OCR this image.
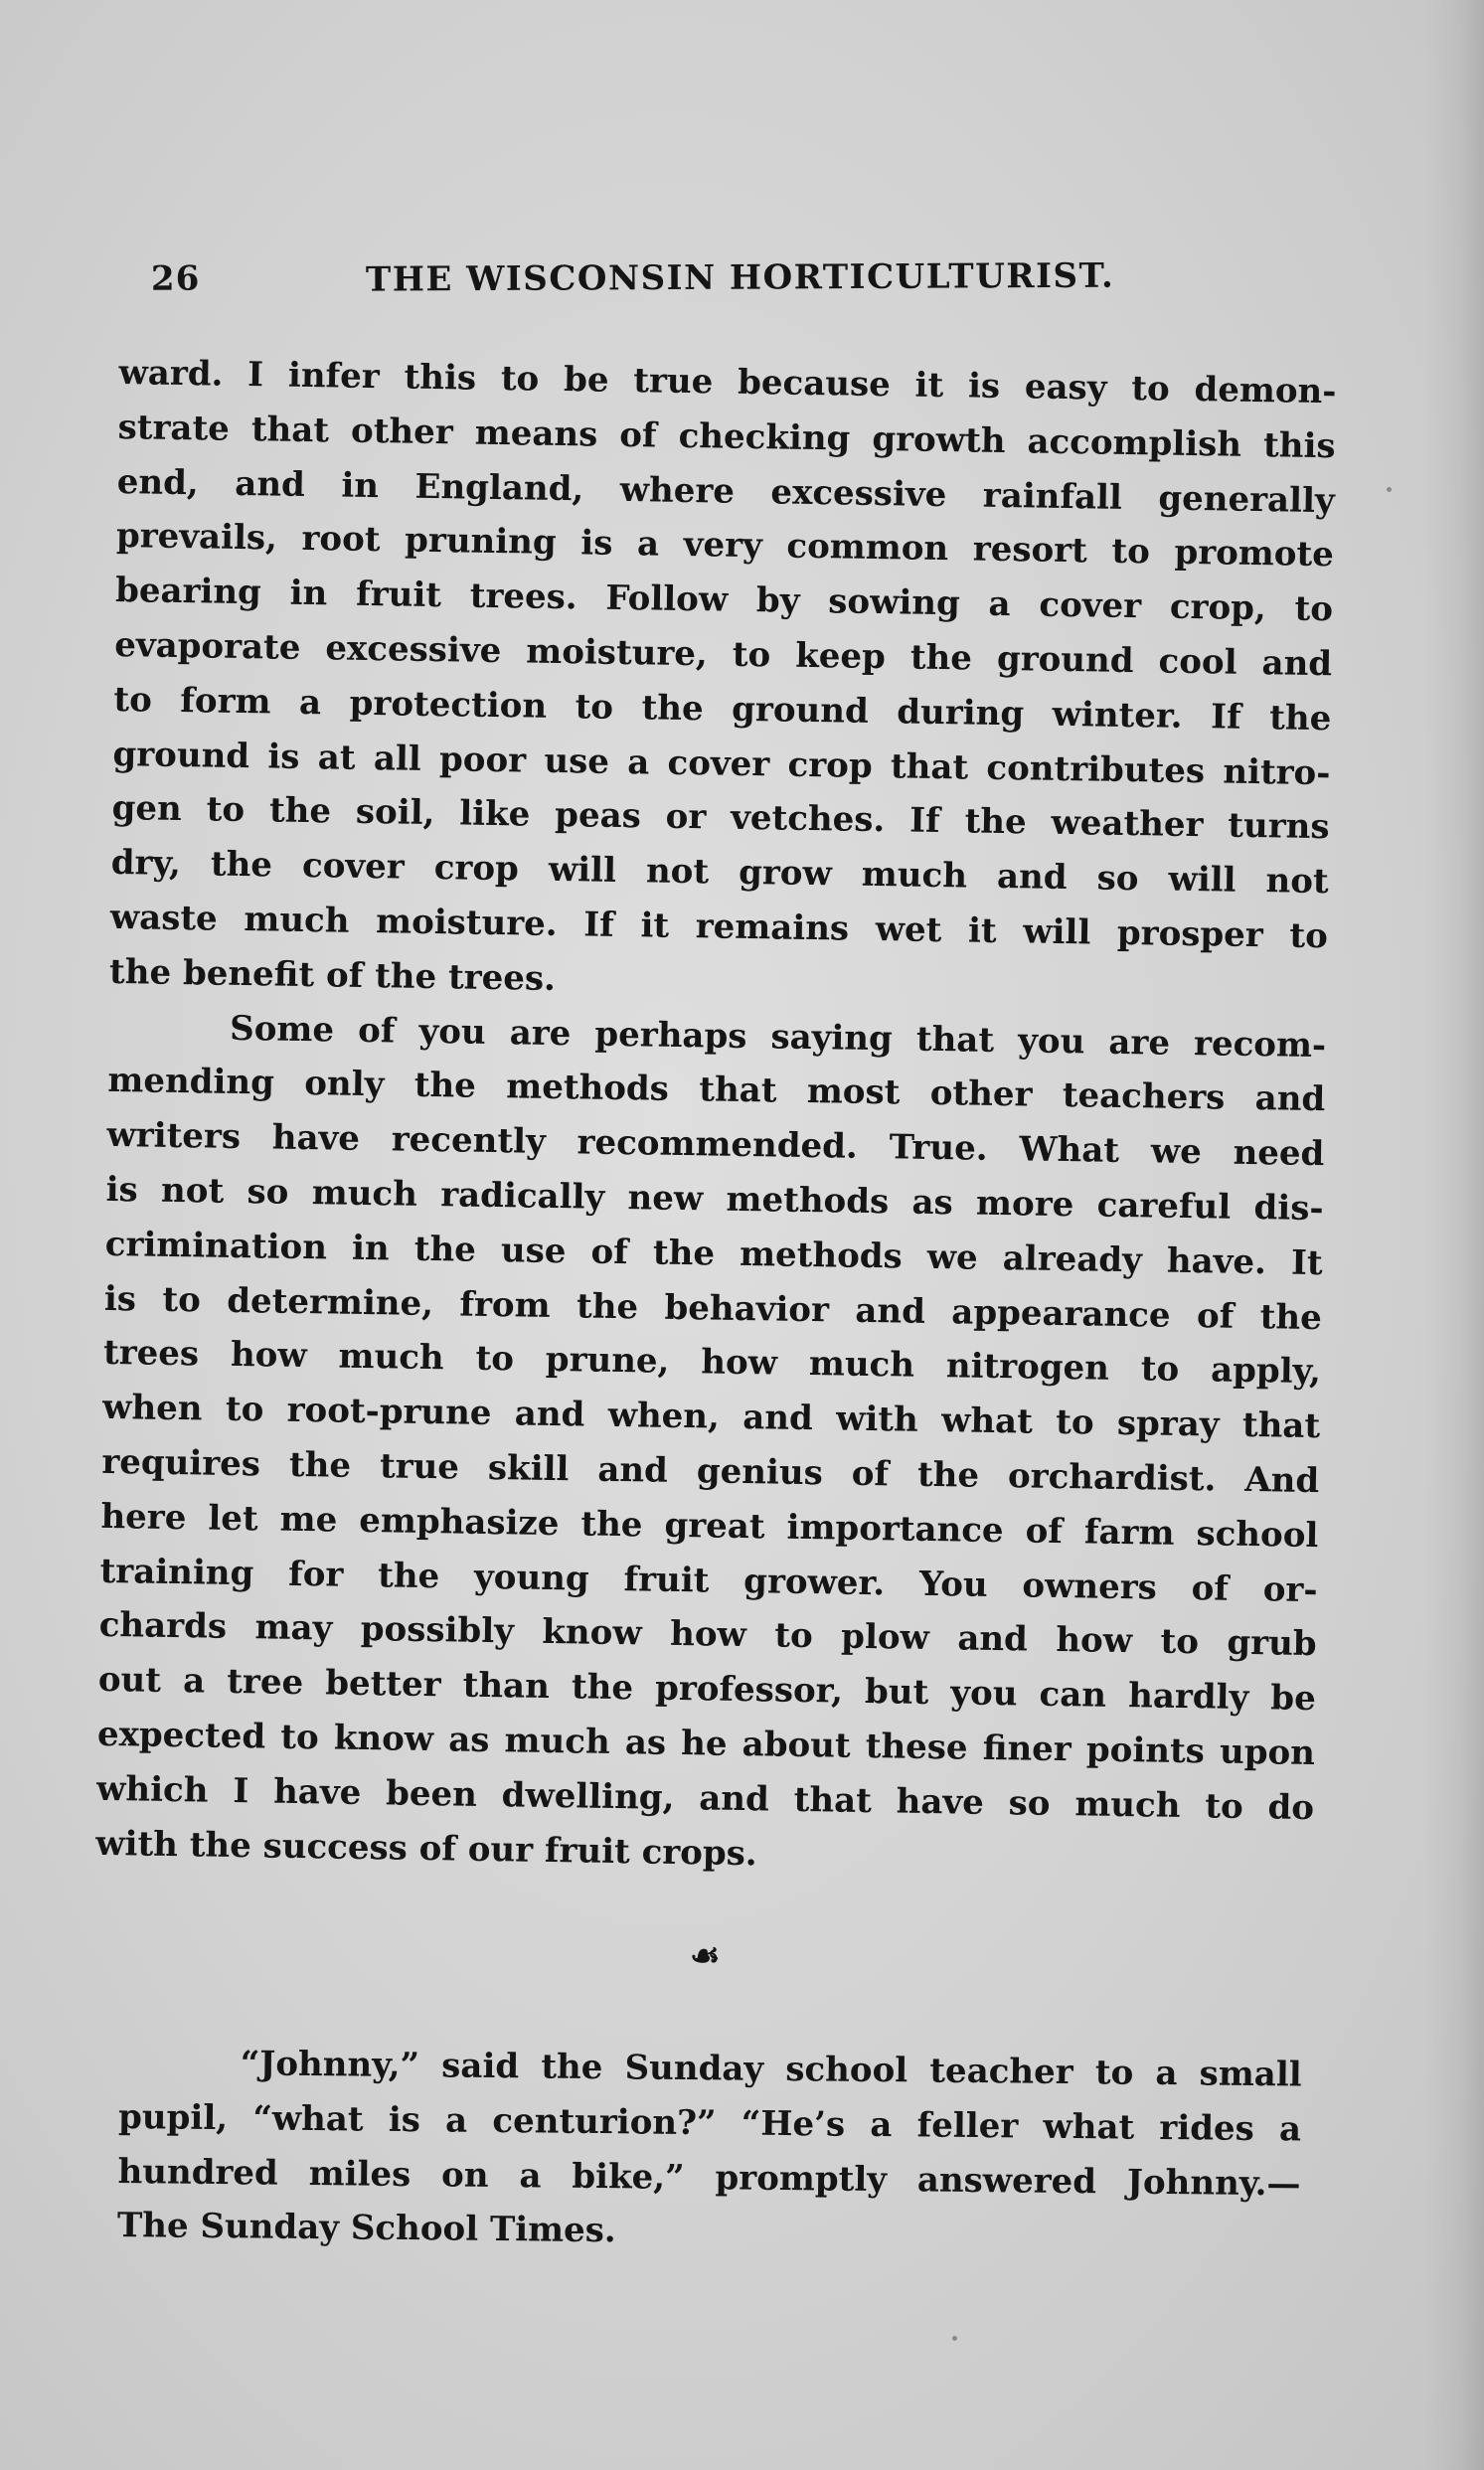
26	THE WISCONSIN HORTICULTURIST.
ward. I infer this to be true because it is easy to demon-
strate that other means of checking growth accomplish this
end, and in England, where excessive rainfall generally
prevails, root pruning is a very common resort to promote
bearing in fruit trees. Follow by sowing a cover crop, to
evaporate excessive moisture, to keep the ground cool and
to form a protection to the ground during winter. If the
ground is at all poor use a cover crop that contributes nitro-
gen to the soil, like peas or vetches. If the weather turns
dry, the cover crop will not grow much and so will not
waste much moisture. If it remains wet it will prosper to
the benefit of the trees.
Some of you are perhaps saying that you are recom-
mending only the methods that most other teachers and
writers have recently recommended. True. What we need
is not so much radically new methods as more careful dis-
crimination in the use of the methods we already have. It
is to determine, from the behavior and appearance of the
trees how much to prune, how much nitrogen to apply,
when to root-prune and when, and with what to spray that
requires the true skill and genius of the orchardist. And
here let me emphasize the great importance of farm school
training for the young fruit grower. You owners of or-
chards may possibly know how to plow and how to grub
out a tree better than the professor, but you can hardly be
expected to know as much as he about these finer points upon
which I have been dwelling, and that have so much to do
with the success of our fruit crops.
☙
“Johnny,” said the Sunday school teacher to a small
pupil, “what is a centurion?” “He’s a feller what rides a
hundred miles on a bike,” promptly answered Johnny.—
The Sunday School Times.
